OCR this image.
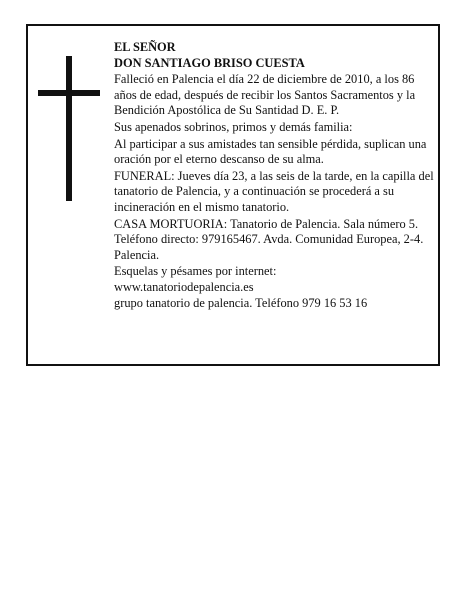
EL SEÑOR

DON SANTIAGO BRISO CUESTA

Falleció en Palencia el día 22 de diciembre de 2010, a los 86 años de edad, después de recibir los Santos Sacramentos y la Bendición Apostólica de Su Santidad D. E. P.

Sus apenados sobrinos, primos y demás familia:

Al participar a sus amistades tan sensible pérdida, suplican una oración por el eterno descanso de su alma.

FUNERAL: Jueves día 23, a las seis de la tarde, en la capilla del tanatorio de Palencia, y a continuación se procederá a su incineración en el mismo tanatorio.

CASA MORTUORIA: Tanatorio de Palencia. Sala número 5. Teléfono directo: 979165467. Avda. Comunidad Europea, 2-4. Palencia.

Esquelas y pésames por internet:

www.tanatoriodepalencia.es

grupo tanatorio de palencia. Teléfono 979 16 53 16
